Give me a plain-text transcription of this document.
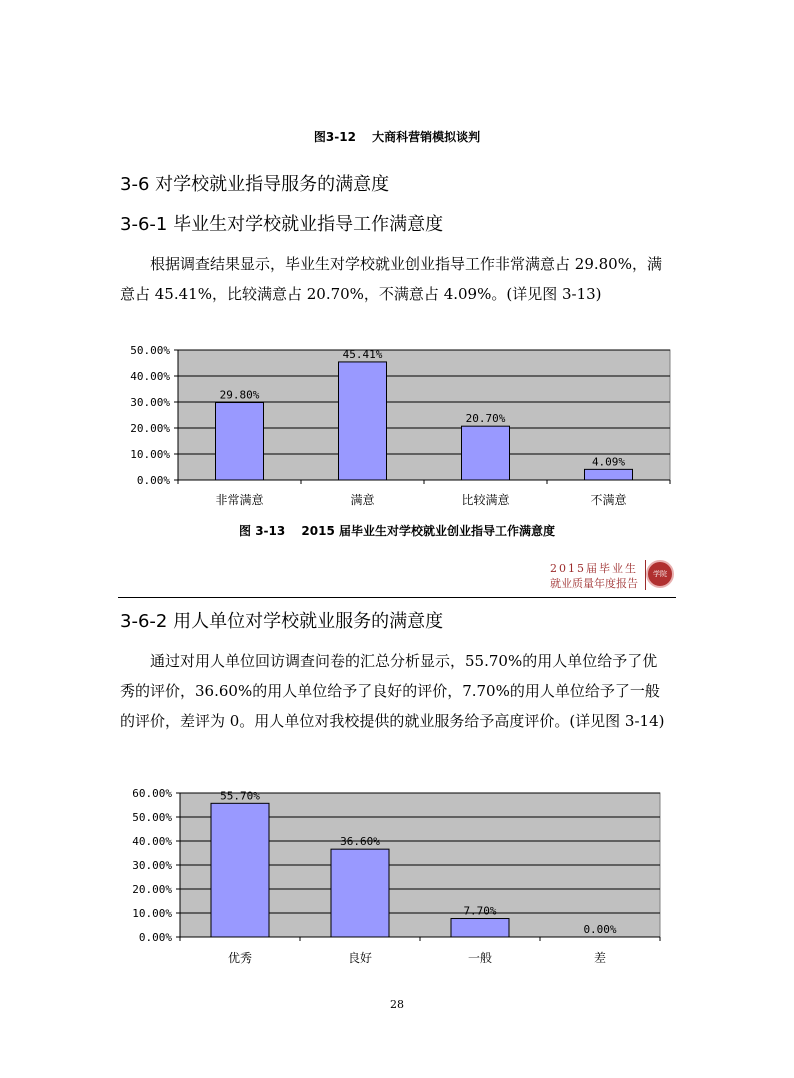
图3-12　 大商科营销模拟谈判
3-6 对学校就业指导服务的满意度
3-6-1 毕业生对学校就业指导工作满意度
根据调查结果显示，毕业生对学校就业创业指导工作非常满意占 29.80%，满意占 45.41%，比较满意占 20.70%，不满意占 4.09%。(详见图 3-13)
0.00%
10.00%
20.00%
30.00%
40.00%
50.00%
29.80%
非常满意
45.41%
满意
20.70%
比较满意
4.09%
不满意
图 3-13　 2015 届毕业生对学校就业创业指导工作满意度
2015届毕业生
就业质量年度报告
学院
3-6-2 用人单位对学校就业服务的满意度
通过对用人单位回访调查问卷的汇总分析显示，55.70%的用人单位给予了优秀的评价，36.60%的用人单位给予了良好的评价，7.70%的用人单位给予了一般的评价，差评为 0。用人单位对我校提供的就业服务给予高度评价。(详见图 3-14)
0.00%
10.00%
20.00%
30.00%
40.00%
50.00%
60.00%	55.70%
优秀
36.60%
良好
7.70%
一般
0.00%
差
28
